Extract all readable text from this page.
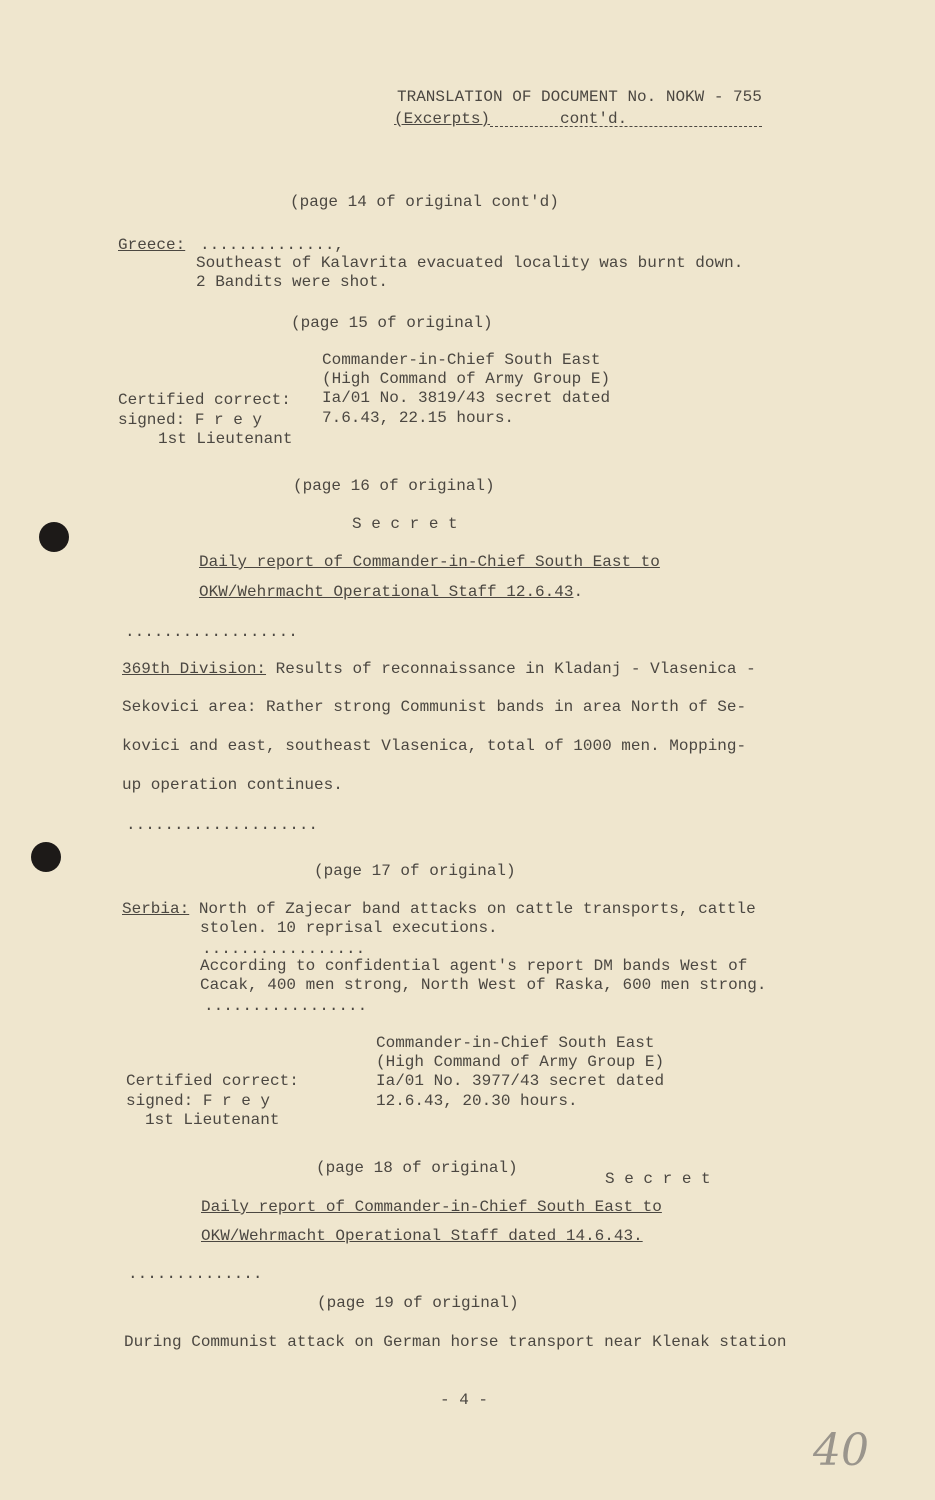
TRANSLATION OF DOCUMENT No. NOKW - 755
(Excerpts)	cont'd.
(page 14 of original cont'd)
Greece: ..............,
Southeast of Kalavrita evacuated locality was burnt down.
2 Bandits were shot.
(page 15 of original)
Commander-in-Chief South East
(High Command of Army Group E)
Ia/01 No. 3819/43 secret dated
7.6.43, 22.15 hours.
Certified correct:
signed: F r e y
1st Lieutenant
(page 16 of original)
S e c r e t
Daily report of Commander-in-Chief South East to
OKW/Wehrmacht Operational Staff 12.6.43.
..................
369th Division: Results of reconnaissance in Kladanj - Vlasenica -
Sekovici area: Rather strong Communist bands in area North of Se-
kovici and east, southeast Vlasenica, total of 1000 men. Mopping-
up operation continues.
....................
(page 17 of original)
Serbia: North of Zajecar band attacks on cattle transports, cattle
stolen. 10 reprisal executions.
.................
According to confidential agent's report DM bands West of
Cacak, 400 men strong, North West of Raska, 600 men strong.
.................
Commander-in-Chief South East
(High Command of Army Group E)
Ia/01 No. 3977/43 secret dated
12.6.43, 20.30 hours.
Certified correct:
signed: F r e y
1st Lieutenant
(page 18 of original)
S e c r e t
Daily report of Commander-in-Chief South East to
OKW/Wehrmacht Operational Staff dated 14.6.43.
..............
(page 19 of original)
During Communist attack on German horse transport near Klenak station
- 4 -
40
